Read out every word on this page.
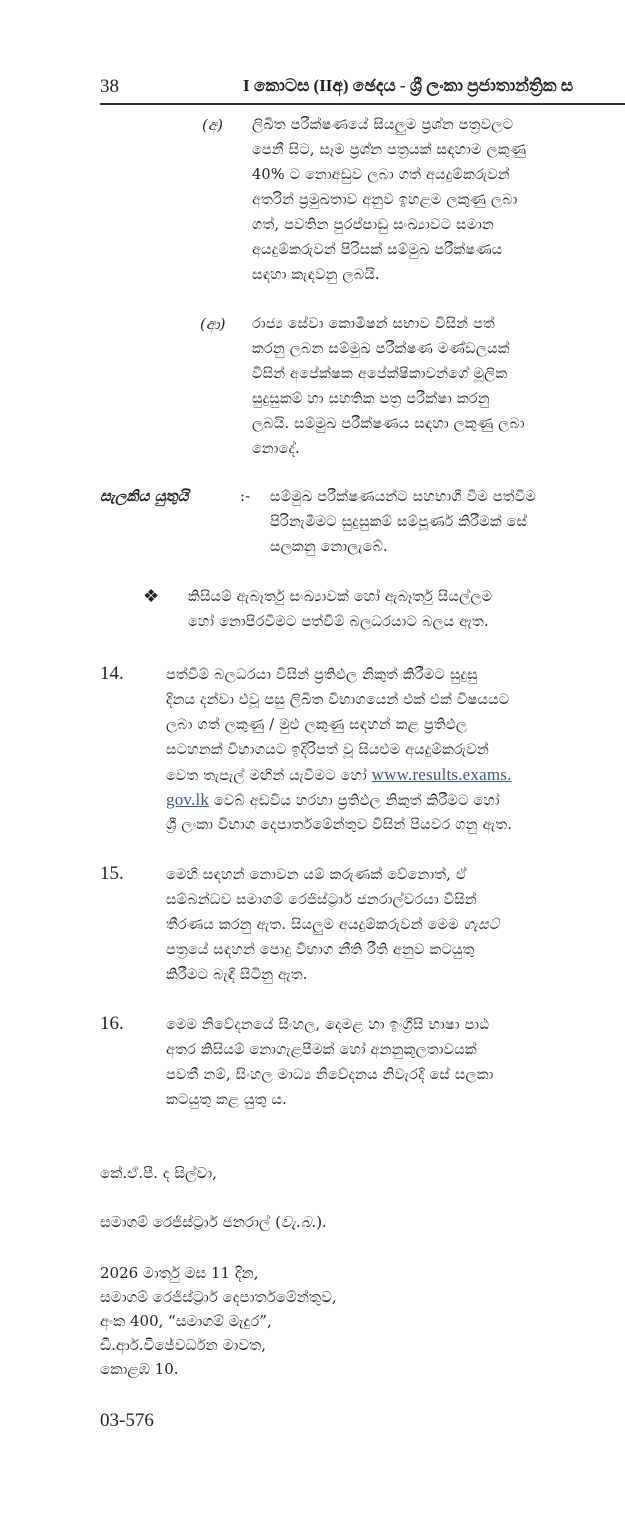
38	I කොටස (IIඅ) ඡෙදය - ශ්‍රී ලංකා ප්‍රජාතාන්ත්‍රික ස
(අ) ලිඛිත පරීක්ෂණයේ සියලුම ප්‍රශ්න පත්‍රවලට
පෙනී සිට, සෑම ප්‍රශ්න පත්‍රයක් සඳහාම ලකුණු
40% ට නොඅඩුව ලබා ගත් අයදුම්කරුවන්
අතරින් ප්‍රමුඛතාව අනුව ඉහළම ලකුණු ලබා
ගත්, පවතින පුරප්පාඩු සංඛ්‍යාවට සමාන
අයදුම්කරුවන් පිරිසක් සම්මුඛ පරීක්ෂණය
සඳහා කැඳවනු ලබයි.
(ආ) රාජ්‍ය සේවා කොමිෂන් සභාව විසින් පත්
කරනු ලබන සම්මුඛ පරීක්ෂණ මණ්ඩලයක්
විසින් අපේක්ෂක අපේක්ෂිකාවන්ගේ මූලික
සුදුසුකම් හා සහතික පත්‍ර පරීක්ෂා කරනු
ලබයි. සම්මුඛ පරීක්ෂණය සඳහා ලකුණු ලබා
නොදේ.
සැලකිය යුතුයි	:- සම්මුඛ පරීක්ෂණයන්ට සහභාගී වීම පත්වීම
පිරිනැමීමට සුදුසුකම් සම්පූර්ණ කිරීමක් සේ
සලකනු නොලැබේ.
❖ කිසියම් ඇබෑර්තු සංඛ්‍යාවක් හෝ ඇබෑර්තු සියල්ලම
හෝ නොපිරවීමට පත්වීම් බලධරයාට බලය ඇත.
14.	පත්වීම් බලධරයා විසින් ප්‍රතිඵල නිකුත් කිරීමට සුදුසු
දිනය දන්වා එවූ පසු ලිඛිත විභාගයෙන් එක් එක් විෂයයට
ලබා ගත් ලකුණු / මුළු ලකුණු සඳහන් කළ ප්‍රතිඵල
සටහනක් විභාගයට ඉදිරිපත් වූ සියළුම අයදුම්කරුවන්
වෙත තැපැල් මඟින් යැවීමට හෝ www.results.exams.
gov.lk වෙබ් අඩවිය හරහා ප්‍රතිඵල නිකුත් කිරීමට හෝ
ශ්‍රී ලංකා විභාග දෙපාර්තමේන්තුව විසින් පියවර ගනු ඇත.
15.	මෙහි සඳහන් නොවන යම් කරුණක් වේනොත්, ඒ
සම්බන්ධව සමාගම් රෙජිස්ට්‍රාර් ජනරාල්වරයා විසින්
තීරණය කරනු ඇත. සියලුම අයදුම්කරුවන් මෙම ගැසට්
පත්‍රයේ සඳහන් පොදු විභාග නීති රීති අනුව කටයුතු
කිරීමට බැඳී සිටිනු ඇත.
16.	මෙම නිවේදනයේ සිංහල, දෙමළ හා ඉංග්‍රීසි භාෂා පාඨ
අතර කිසියම් නොගැළපීමක් හෝ අනනුකූලතාවයක්
පවතී නම්, සිංහල මාධ්‍ය නිවේදනය නිවැරදි සේ සලකා
කටයුතු කළ යුතු ය.
කේ.ඒ.පී. ද සිල්වා,
සමාගම් රෙජිස්ට්‍රාර් ජනරාල් (වැ.බ.).
2026 මාර්තු මස 11 දින,
සමාගම් රෙජිස්ට්‍රාර් දෙපාර්තමේන්තුව,
අංක 400, “සමාගම් මැදුර”,
ඩී.ආර්.විජේවර්ධන මාවත,
කොළඹ 10.
03-576
